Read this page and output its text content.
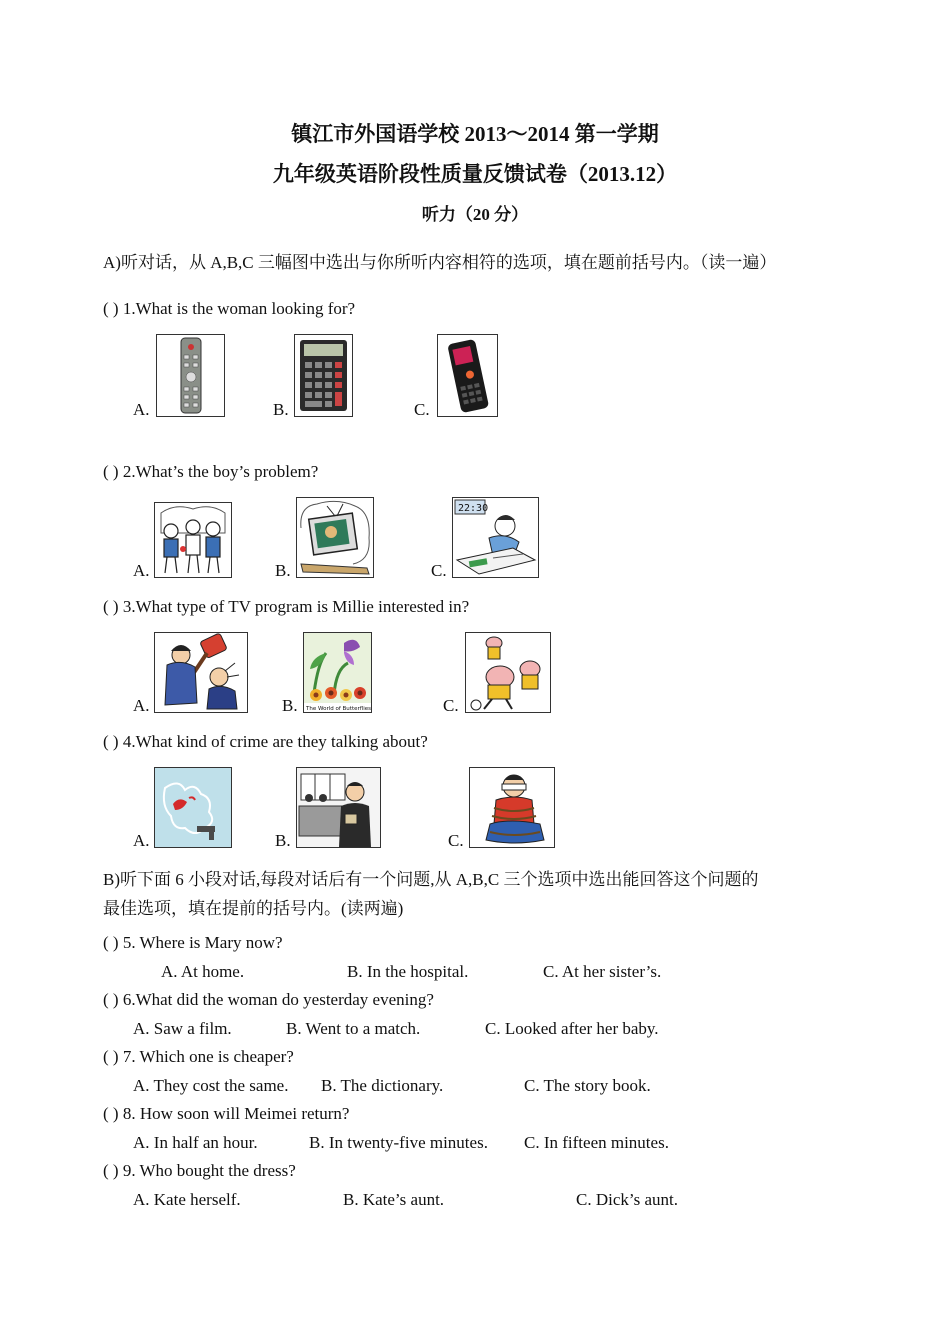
镇江市外国语学校 2013～2014 第一学期
九年级英语阶段性质量反馈试卷（2013.12）
听力（20 分）
A)听对话，从 A,B,C 三幅图中选出与你所听内容相符的选项，填在题前括号内。（读一遍）
( ) 1.What is the woman looking for?
A.	B.	C.
( ) 2.What’s the boy’s problem?
A.	B.	C.
22:30
( ) 3.What type of TV program is Millie interested in?
A.	B. The World of Butterflies	C.
( ) 4.What kind of crime are they talking about?
A.	B.	C.
B)听下面 6 小段对话,每段对话后有一个问题,从 A,B,C 三个选项中选出能回答这个问题的
最佳选项，填在提前的括号内。(读两遍)
( ) 5. Where is Mary now?
A. At home.	B. In the hospital.	C. At her sister’s.
( ) 6.What did the woman do yesterday evening?
A. Saw a film.	B. Went to a match.	C. Looked after her baby.
( ) 7. Which one is cheaper?
A. They cost the same. B. The dictionary.	C. The story book.
( ) 8. How soon will Meimei return?
A. In half an hour.	B. In twenty-five minutes. C. In fifteen minutes.
( ) 9. Who bought the dress?
A. Kate herself.	B. Kate’s aunt.	C. Dick’s aunt.
